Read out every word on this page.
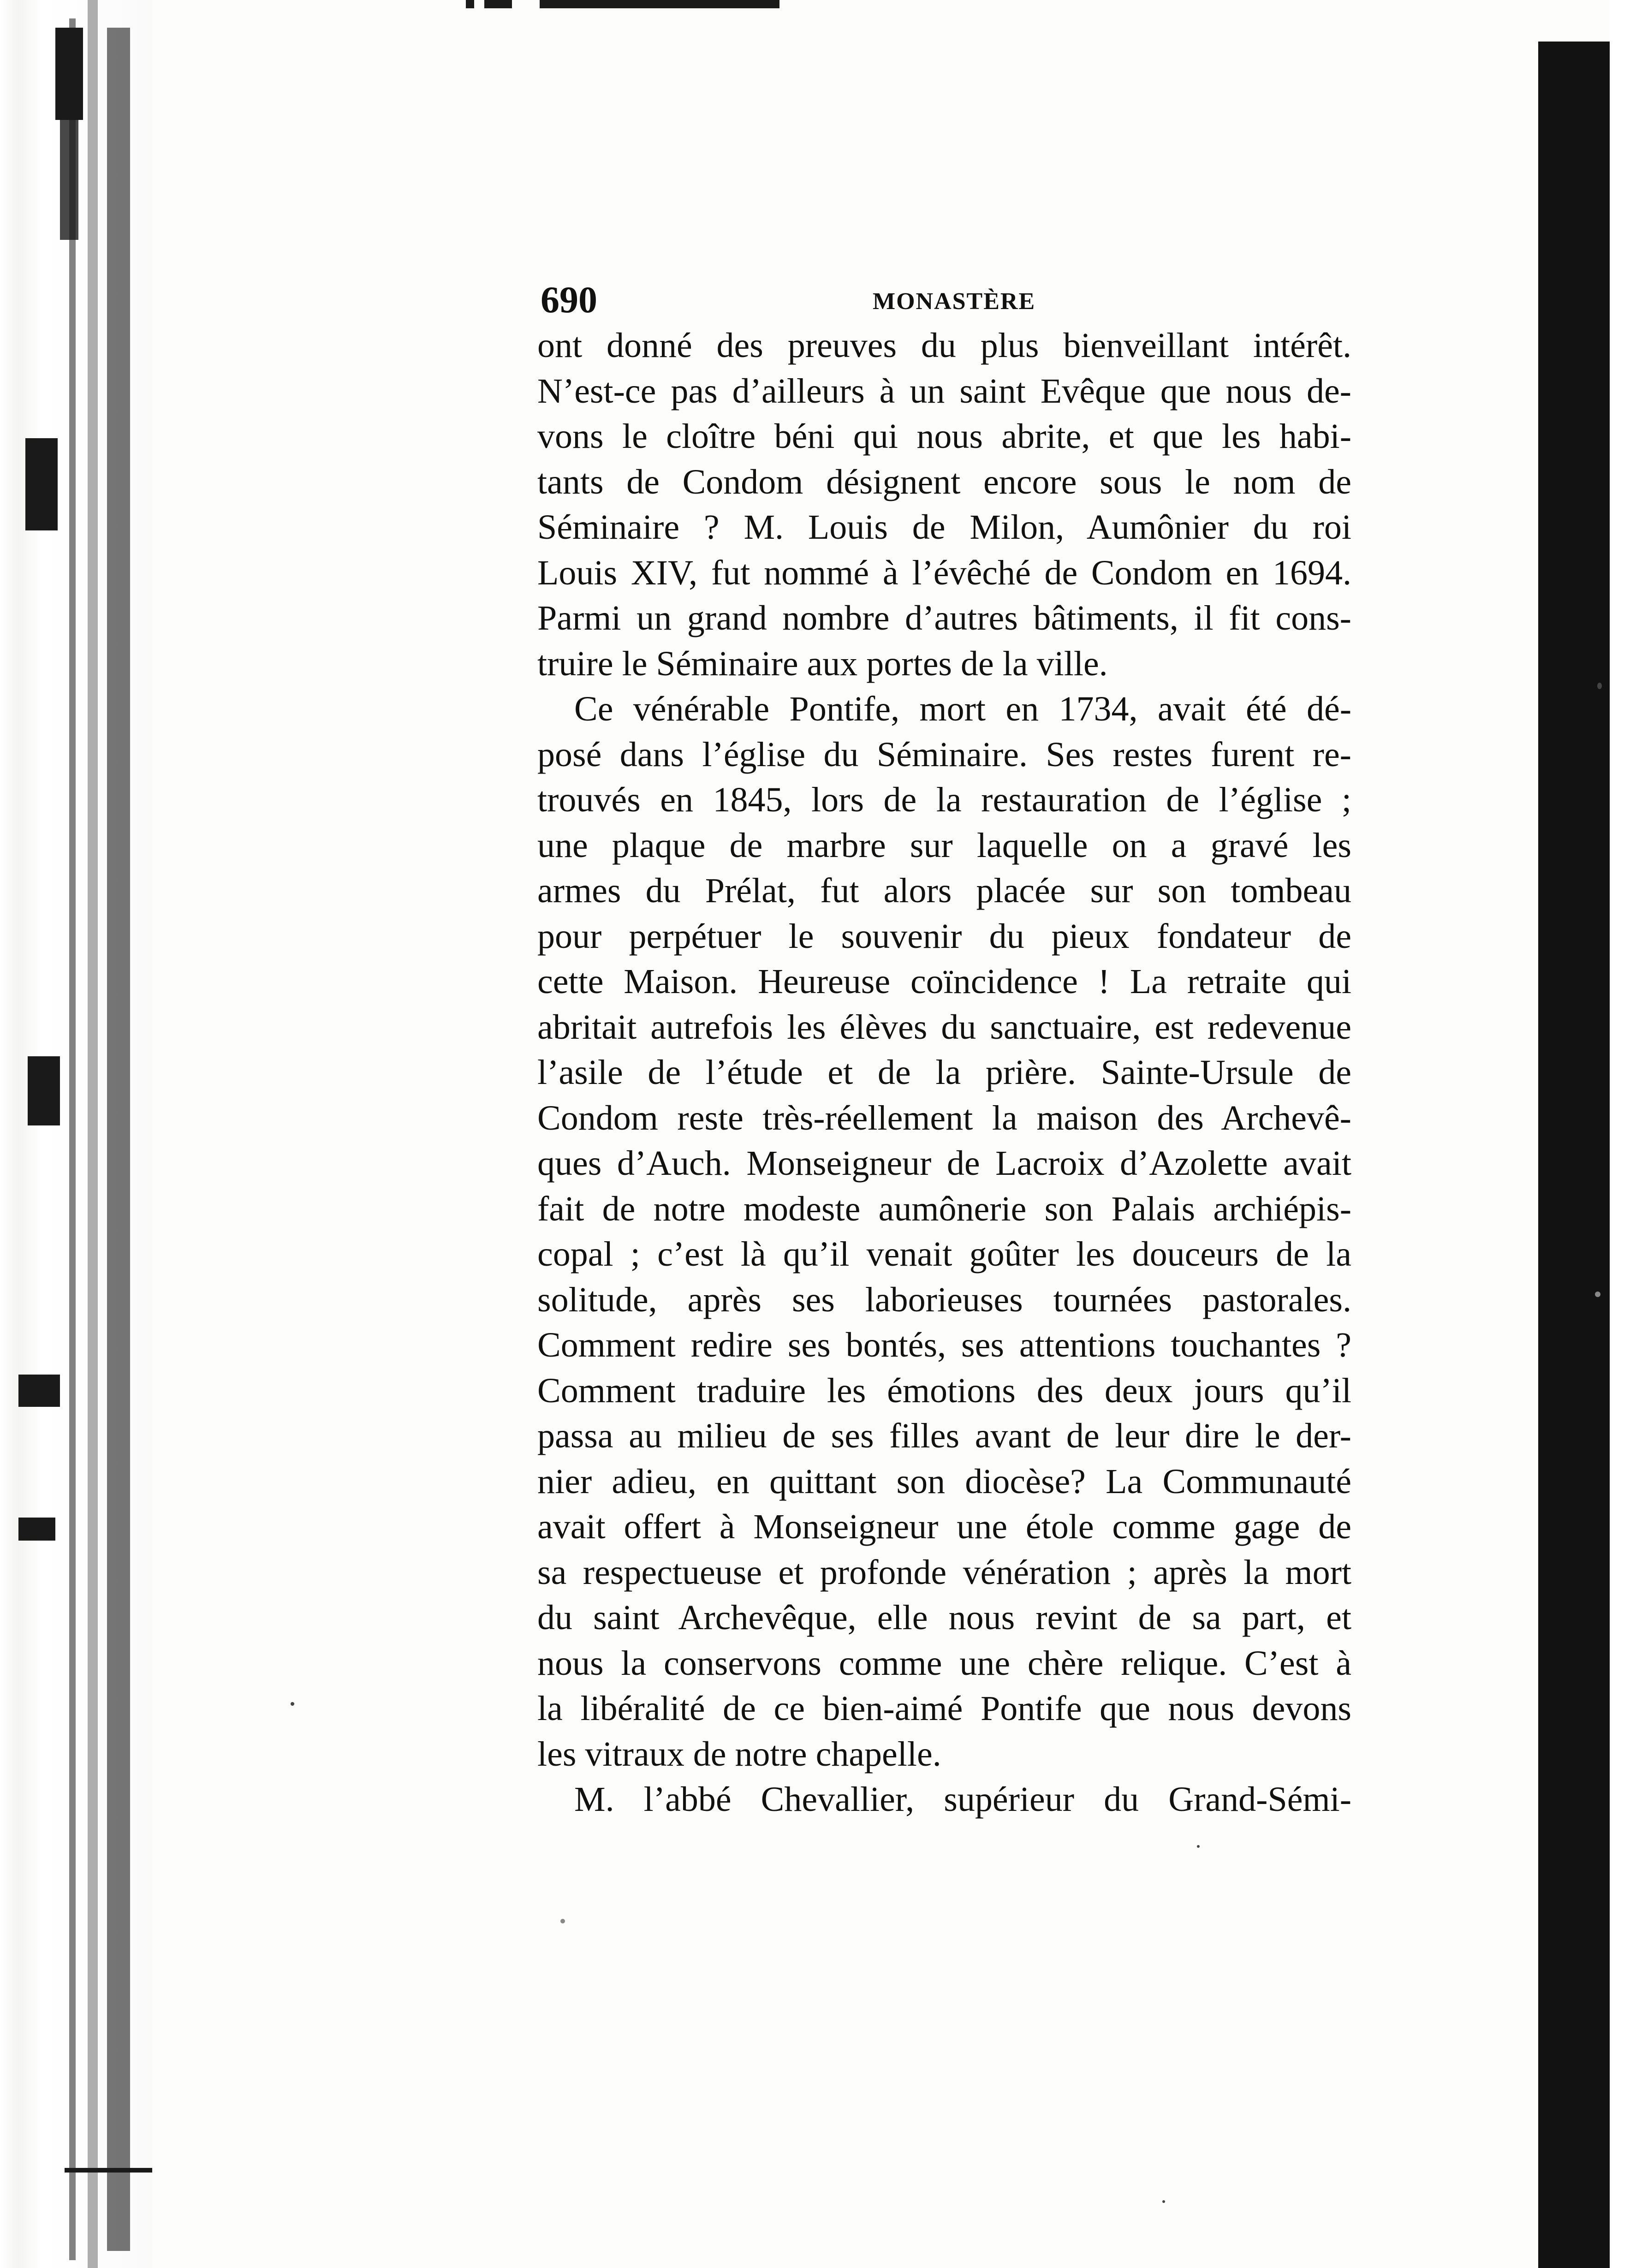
690	MONASTÈRE
ont donné des preuves du plus bienveillant intérêt.
N’est-ce pas d’ailleurs à un saint Evêque que nous de-
vons le cloître béni qui nous abrite, et que les habi-
tants de Condom désignent encore sous le nom de
Séminaire ? M. Louis de Milon, Aumônier du roi
Louis XIV, fut nommé à l’évêché de Condom en 1694.
Parmi un grand nombre d’autres bâtiments, il fit cons-
truire le Séminaire aux portes de la ville.
Ce vénérable Pontife, mort en 1734, avait été dé-
posé dans l’église du Séminaire. Ses restes furent re-
trouvés en 1845, lors de la restauration de l’église ;
une plaque de marbre sur laquelle on a gravé les
armes du Prélat, fut alors placée sur son tombeau
pour perpétuer le souvenir du pieux fondateur de
cette Maison. Heureuse coïncidence ! La retraite qui
abritait autrefois les élèves du sanctuaire, est redevenue
l’asile de l’étude et de la prière. Sainte-Ursule de
Condom reste très-réellement la maison des Archevê-
ques d’Auch. Monseigneur de Lacroix d’Azolette avait
fait de notre modeste aumônerie son Palais archiépis-
copal ; c’est là qu’il venait goûter les douceurs de la
solitude, après ses laborieuses tournées pastorales.
Comment redire ses bontés, ses attentions touchantes ?
Comment traduire les émotions des deux jours qu’il
passa au milieu de ses filles avant de leur dire le der-
nier adieu, en quittant son diocèse? La Communauté
avait offert à Monseigneur une étole comme gage de
sa respectueuse et profonde vénération ; après la mort
du saint Archevêque, elle nous revint de sa part, et
nous la conservons comme une chère relique. C’est à
la libéralité de ce bien-aimé Pontife que nous devons
les vitraux de notre chapelle.
M. l’abbé Chevallier, supérieur du Grand-Sémi-
